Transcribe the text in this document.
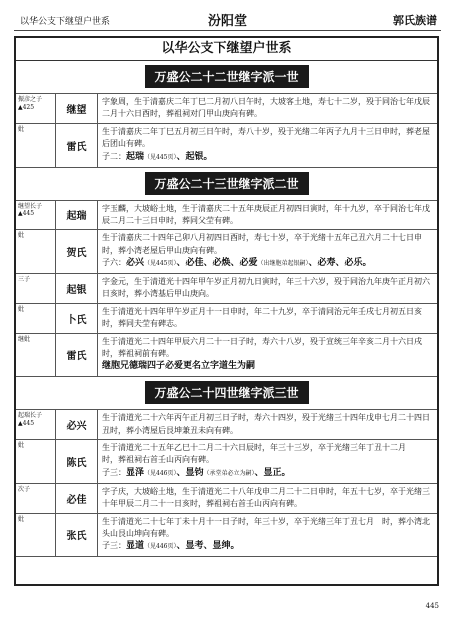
以华公支下继望户世系	汾阳堂	郭氏族谱
以华公支下继望户世系
万盛公二十二世继字派一世
振彦之子
▲425	继望
字象周，生于清嘉庆二年丁巳二月初八日午时，大坡客土地，寿七十二岁，殁于同治七年戊辰二月十六日酉时，葬祖祠对门甲山庚向有碑。
妣
雷氏
生于清嘉庆二年丁巳五月初三日午时，寿八十岁，殁于光绪二年丙子九月十三日申时，葬老屋后团山有碑。
子二：起瑞（见445页）、起银。
万盛公二十三世继字派二世
继望长子
▲445	起瑞
字玉麟，大坡峪土地，生于清嘉庆二十五年庚辰正月初四日寅时，年十九岁，卒于同治七年戊辰二月二十三日申时，葬同父茔有碑。
妣
贺氏
生于清嘉庆二十四年己卯八月初四日酉时，寿七十岁，卒于光绪十五年己丑六月二十七日申时，葬小湾老屋后甲山庚向有碑。
子六：必兴（见445页）、必佳、必焕、必爱（出继胞弟起银嗣）、必寿、必乐。
三子
起银
字金元，生于清道光十四年甲午岁正月初九日寅时，年三十六岁，殁于同治九年庚午正月初六日亥时，葬小湾基后甲山庚向。
妣
卜氏
生于清道光十四年甲午岁正月十一日申时，年二十九岁，卒于清同治元年壬戌七月初五日亥时，葬同夫茔有碑志。
继妣
雷氏
生于清道光二十四年甲辰六月二十一日子时，寿六十八岁，殁于宣统三年辛亥二月十六日戌时，葬祖祠前有碑。
继胞兄德瑞四子必爱更名立字道生为嗣
万盛公二十四世继字派三世
起瑞长子
▲445	必兴
生于清道光二十六年丙午正月初三日子时，寿六十四岁，殁于光绪三十四年戊申七月二十四日丑时，葬小湾屋后艮坤兼丑未向有碑。
妣
陈氏
生于清道光二十五年乙巳十二月二十六日辰时，年三十三岁，卒于光绪三年丁丑十二月　　时，葬祖祠右首壬山丙向有碑。
子三：显泽（见446页）、显钧（承堂弟必立为嗣）、显正。
次子
必佳
字子庆，大坡峪土地，生于清道光二十八年戊申二月二十二日申时，年五十七岁，卒于光绪三十年甲辰二月二十一日亥时，葬祖祠右首壬山丙向有碑。
妣
张氏
生于清道光二十七年丁未十月十一日子时，年三十岁，卒于光绪三年丁丑七月　时，葬小湾北头山艮山坤向有碑。
子三：显道（见446页）、显考、显绅。
445
